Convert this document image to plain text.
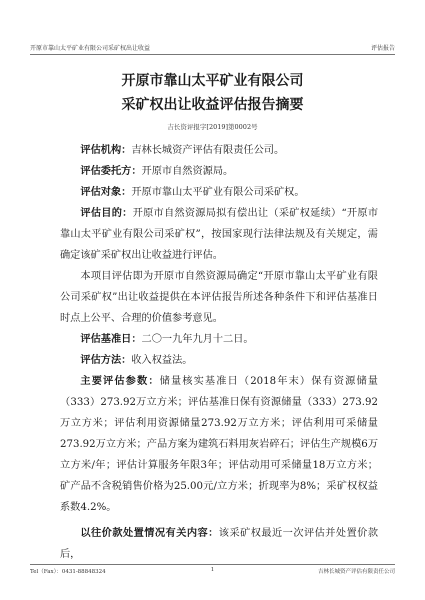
开原市靠山太平矿业有限公司采矿权出让收益	评估报告
开原市靠山太平矿业有限公司
采矿权出让收益评估报告摘要
吉长资评报字[2019]第0002号

评估机构：吉林长城资产评估有限责任公司。

评估委托方：开原市自然资源局。

评估对象：开原市靠山太平矿业有限公司采矿权。

评估目的：开原市自然资源局拟有偿出让（采矿权延续）“开原市靠山太平矿业有限公司采矿权”，按国家现行法律法规及有关规定，需确定该矿采矿权出让收益进行评估。

本项目评估即为开原市自然资源局确定“开原市靠山太平矿业有限公司采矿权”出让收益提供在本评估报告所述各种条件下和评估基准日时点上公平、合理的价值参考意见。

评估基准日：二〇一九年九月十二日。

评估方法：收入权益法。

主要评估参数：储量核实基准日（2018年末）保有资源储量（333）273.92万立方米；评估基准日保有资源储量（333）273.92万立方米；评估利用资源储量273.92万立方米；评估利用可采储量273.92万立方米；产品方案为建筑石料用灰岩碎石；评估生产规模6万立方米/年；评估计算服务年限3年；评估动用可采储量18万立方米；矿产品不含税销售价格为25.00元/立方米；折现率为8%；采矿权权益系数4.2%。

以往价款处置情况有关内容：该采矿权最近一次评估并处置价款后，

Tel（Fax）：0431-88848324	1	吉林长城资产评估有限责任公司
